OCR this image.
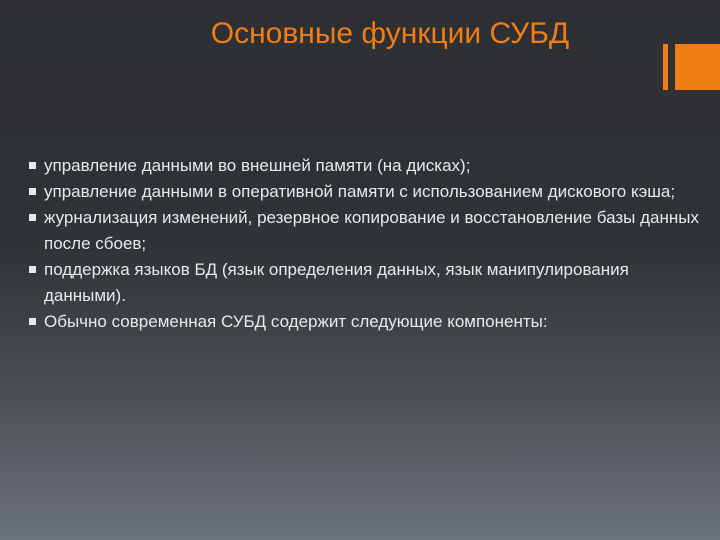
Основные функции СУБД
управление данными во внешней памяти (на дисках);
управление данными в оперативной памяти с использованием дискового кэша;
журнализация изменений, резервное копирование и восстановление базы данных после сбоев;
поддержка языков БД (язык определения данных, язык манипулирования данными).
Обычно современная СУБД содержит следующие компоненты:
